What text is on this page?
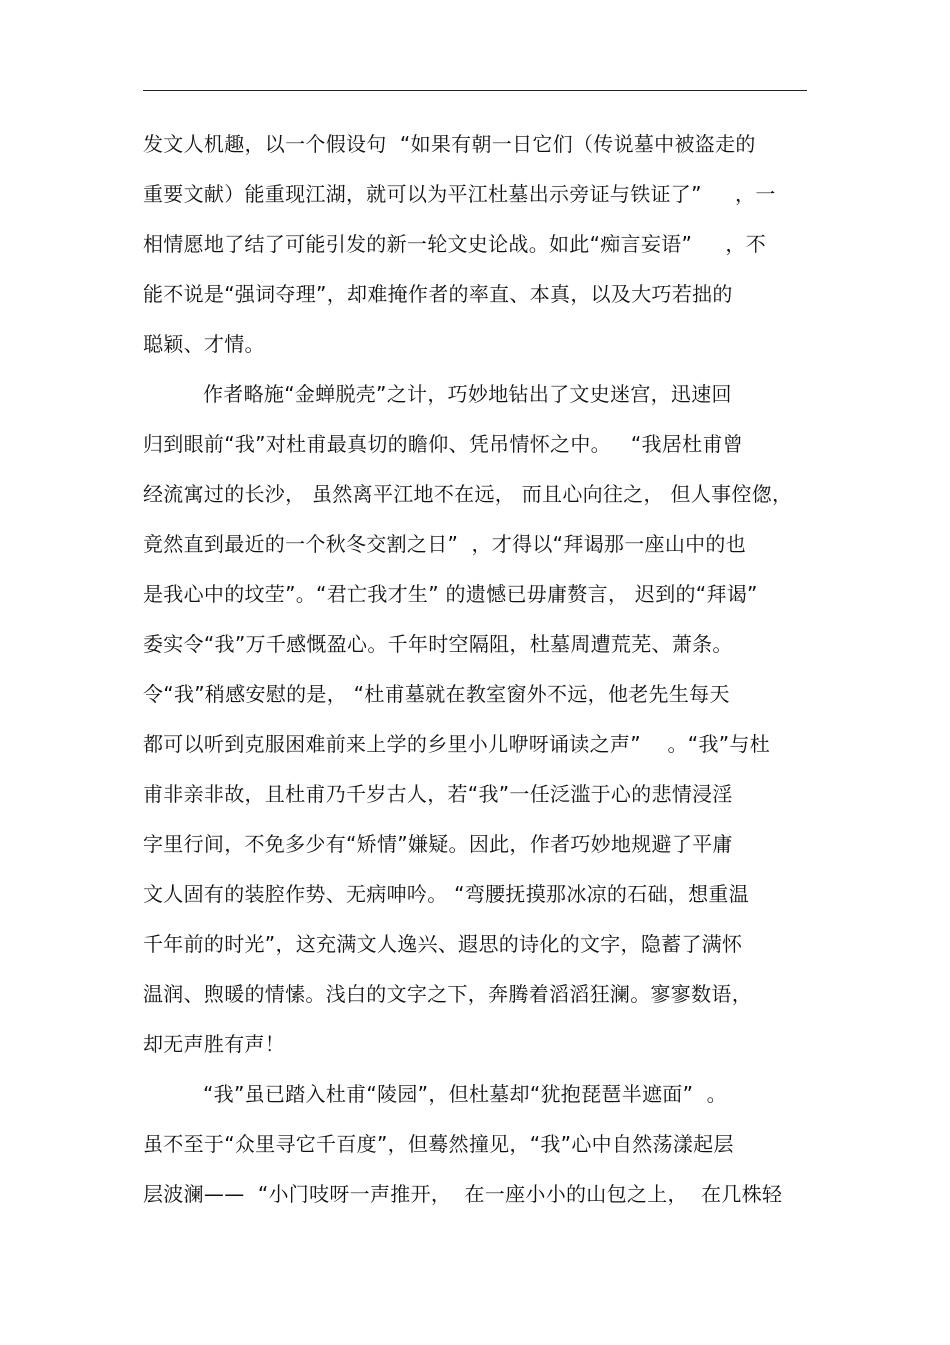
发文人机趣，以一个假设句  “如果有朝一日它们（传说墓中被盗走的
重要文献）能重现江湖，就可以为平江杜墓出示旁证与铁证了”     ，一
相情愿地了结了可能引发的新一轮文史论战。如此“痴言妄语”     ，不
能不说是“强词夺理”，却难掩作者的率直、本真，以及大巧若拙的
聪颖、才情。
作者略施“金蝉脱壳”之计，巧妙地钻出了文史迷宫，迅速回
归到眼前“我”对杜甫最真切的瞻仰、凭吊情怀之中。   “我居杜甫曾
经流寓过的长沙， 虽然离平江地不在远， 而且心向往之， 但人事倥偬，
竟然直到最近的一个秋冬交割之日”  ，才得以“拜谒那一座山中的也
是我心中的坟茔”。“君亡我才生” 的遗憾已毋庸赘言， 迟到的“拜谒”
委实令“我”万千感慨盈心。千年时空隔阻，杜墓周遭荒芜、萧条。
令“我”稍感安慰的是， “杜甫墓就在教室窗外不远，他老先生每天
都可以听到克服困难前来上学的乡里小儿咿呀诵读之声”    。“我”与杜
甫非亲非故，且杜甫乃千岁古人，若“我”一任泛滥于心的悲情浸淫
字里行间，不免多少有“矫情”嫌疑。因此，作者巧妙地规避了平庸
文人固有的装腔作势、无病呻吟。 “弯腰抚摸那冰凉的石础，想重温
千年前的时光”，这充满文人逸兴、遐思的诗化的文字，隐蓄了满怀
温润、煦暖的情愫。浅白的文字之下，奔腾着滔滔狂澜。寥寥数语，
却无声胜有声！
“我”虽已踏入杜甫“陵园”，但杜墓却“犹抱琵琶半遮面”  。
虽不至于“众里寻它千百度”，但蓦然撞见，“我”心中自然荡漾起层
层波澜——  “小门吱呀一声推开，  在一座小小的山包之上，  在几株轻
